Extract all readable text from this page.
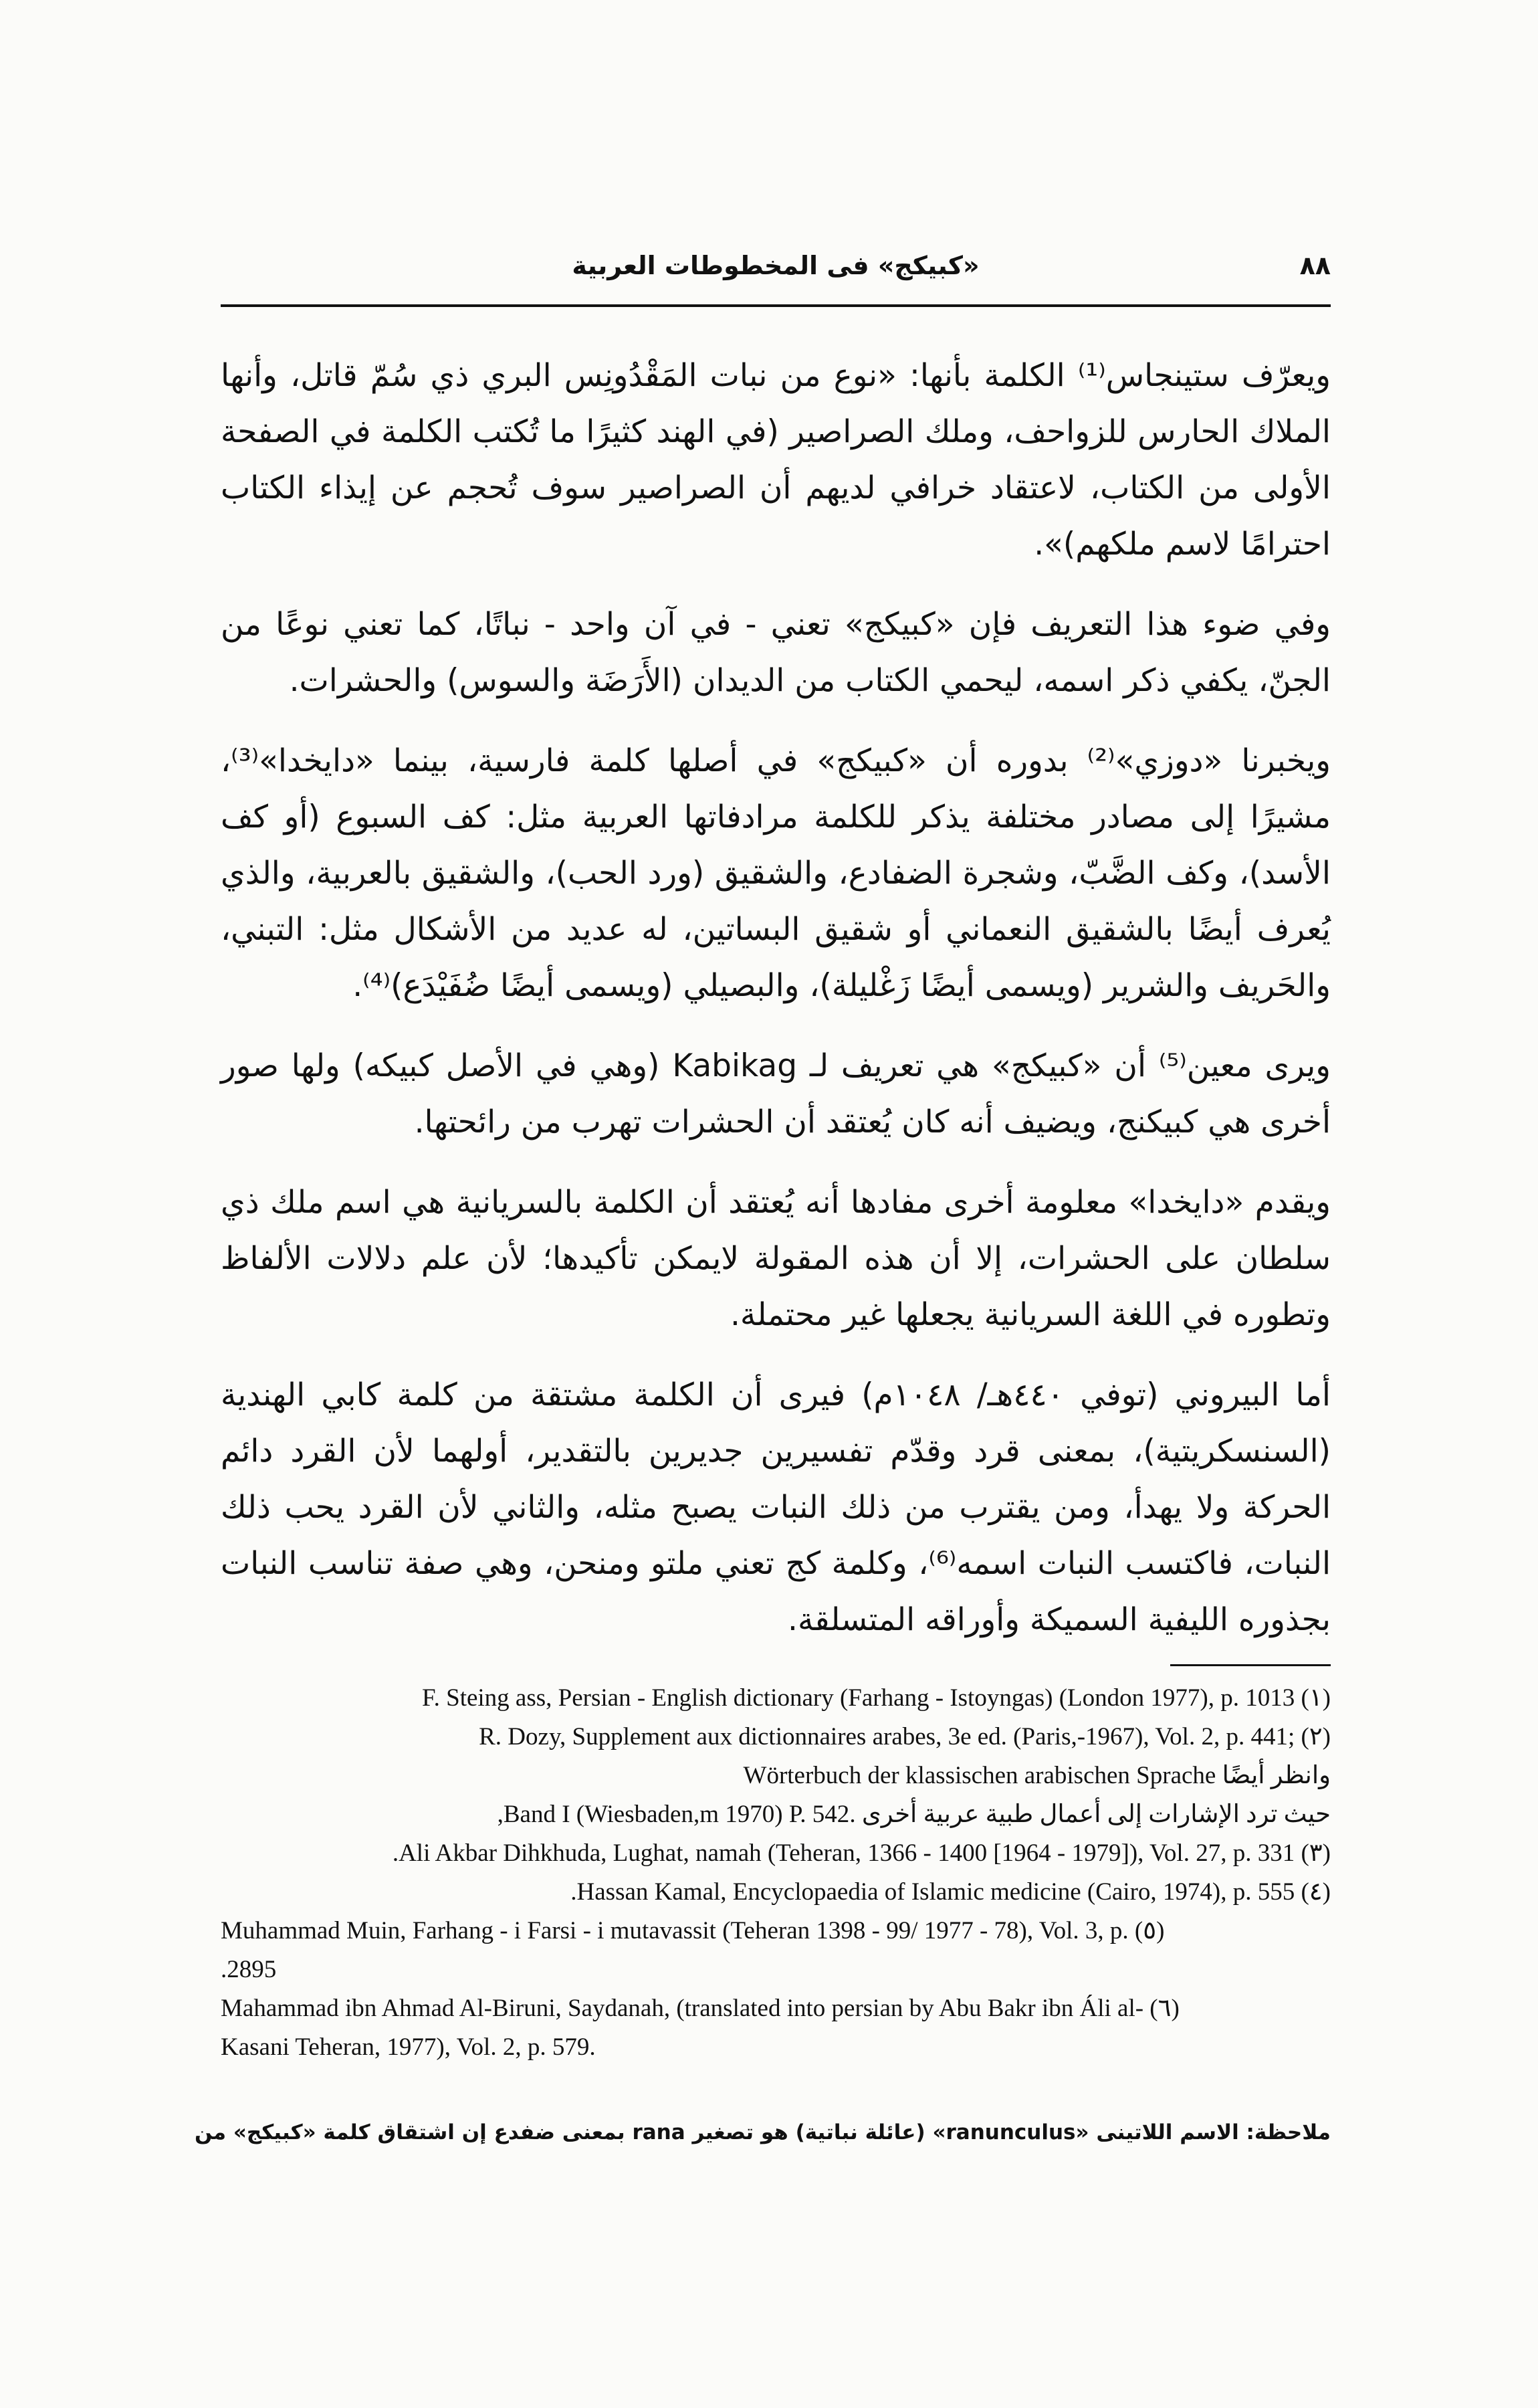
٨٨
«كبيكج» فى المخطوطات العربية

ويعرّف ستينجاس⁽¹⁾ الكلمة بأنها: «نوع من نبات المَقْدُونِس البري ذي سُمّ قاتل، وأنها الملاك الحارس للزواحف، وملك الصراصير (في الهند كثيرًا ما تُكتب الكلمة في الصفحة الأولى من الكتاب، لاعتقاد خرافي لديهم أن الصراصير سوف تُحجم عن إيذاء الكتاب احترامًا لاسم ملكهم)».

وفي ضوء هذا التعريف فإن «كبيكج» تعني - في آن واحد - نباتًا، كما تعني نوعًا من الجنّ، يكفي ذكر اسمه، ليحمي الكتاب من الديدان (الأَرَضَة والسوس) والحشرات.

ويخبرنا «دوزي»⁽²⁾ بدوره أن «كبيكج» في أصلها كلمة فارسية، بينما «دايخدا»⁽³⁾، مشيرًا إلى مصادر مختلفة يذكر للكلمة مرادفاتها العربية مثل: كف السبوع (أو كف الأسد)، وكف الضَّبّ، وشجرة الضفادع، والشقيق (ورد الحب)، والشقيق بالعربية، والذي يُعرف أيضًا بالشقيق النعماني أو شقيق البساتين، له عديد من الأشكال مثل: التبني، والحَريف والشرير (ويسمى أيضًا زَغْليلة)، والبصيلي (ويسمى أيضًا ضُفَيْدَع)⁽⁴⁾.

ويرى معين⁽⁵⁾ أن «كبيكج» هي تعريف لـ Kabikag (وهي في الأصل كبيكه) ولها صور أخرى هي كبيكنج، ويضيف أنه كان يُعتقد أن الحشرات تهرب من رائحتها.

ويقدم «دايخدا» معلومة أخرى مفادها أنه يُعتقد أن الكلمة بالسريانية هي اسم ملك ذي سلطان على الحشرات، إلا أن هذه المقولة لايمكن تأكيدها؛ لأن علم دلالات الألفاظ وتطوره في اللغة السريانية يجعلها غير محتملة.

أما البيروني (توفي ٤٤٠هـ/ ١٠٤٨م) فيرى أن الكلمة مشتقة من كلمة كابي الهندية (السنسكريتية)، بمعنى قرد وقدّم تفسيرين جديرين بالتقدير، أولهما لأن القرد دائم الحركة ولا يهدأ، ومن يقترب من ذلك النبات يصبح مثله، والثاني لأن القرد يحب ذلك النبات، فاكتسب النبات اسمه⁽⁶⁾، وكلمة كج تعني ملتو ومنحن، وهي صفة تناسب النبات بجذوره الليفية السميكة وأوراقه المتسلقة.

F. Steing ass, Persian - English dictionary (Farhang - Istoyngas) (London 1977), p. 1013 (١)

R. Dozy, Supplement aux dictionnaires arabes, 3e ed. (Paris,-1967), Vol. 2, p. 441; (٢)

وانظر أيضًا Wörterbuch der klassischen arabischen Sprache

حيث ترد الإشارات إلى أعمال طبية عربية أخرى .Band I (Wiesbaden,m 1970) P. 542,

.Ali Akbar Dihkhuda, Lughat, namah (Teheran, 1366 - 1400 [1964 - 1979]), Vol. 27, p. 331 (٣)

.Hassan Kamal, Encyclopaedia of Islamic medicine (Cairo, 1974), p. 555 (٤)

Muhammad Muin, Farhang - i Farsi - i mutavassit (Teheran 1398 - 99/ 1977 - 78), Vol. 3, p. (٥)

.2895

Mahammad ibn Ahmad Al-Biruni, Saydanah, (translated into persian by Abu Bakr ibn Áli al- (٦)

Kasani Teheran, 1977), Vol. 2, p. 579.

ملاحظة: الاسم اللاتينى «ranunculus» (عائلة نباتية) هو تصغير rana بمعنى ضفدع إن اشتقاق كلمة «كبيكج» من
